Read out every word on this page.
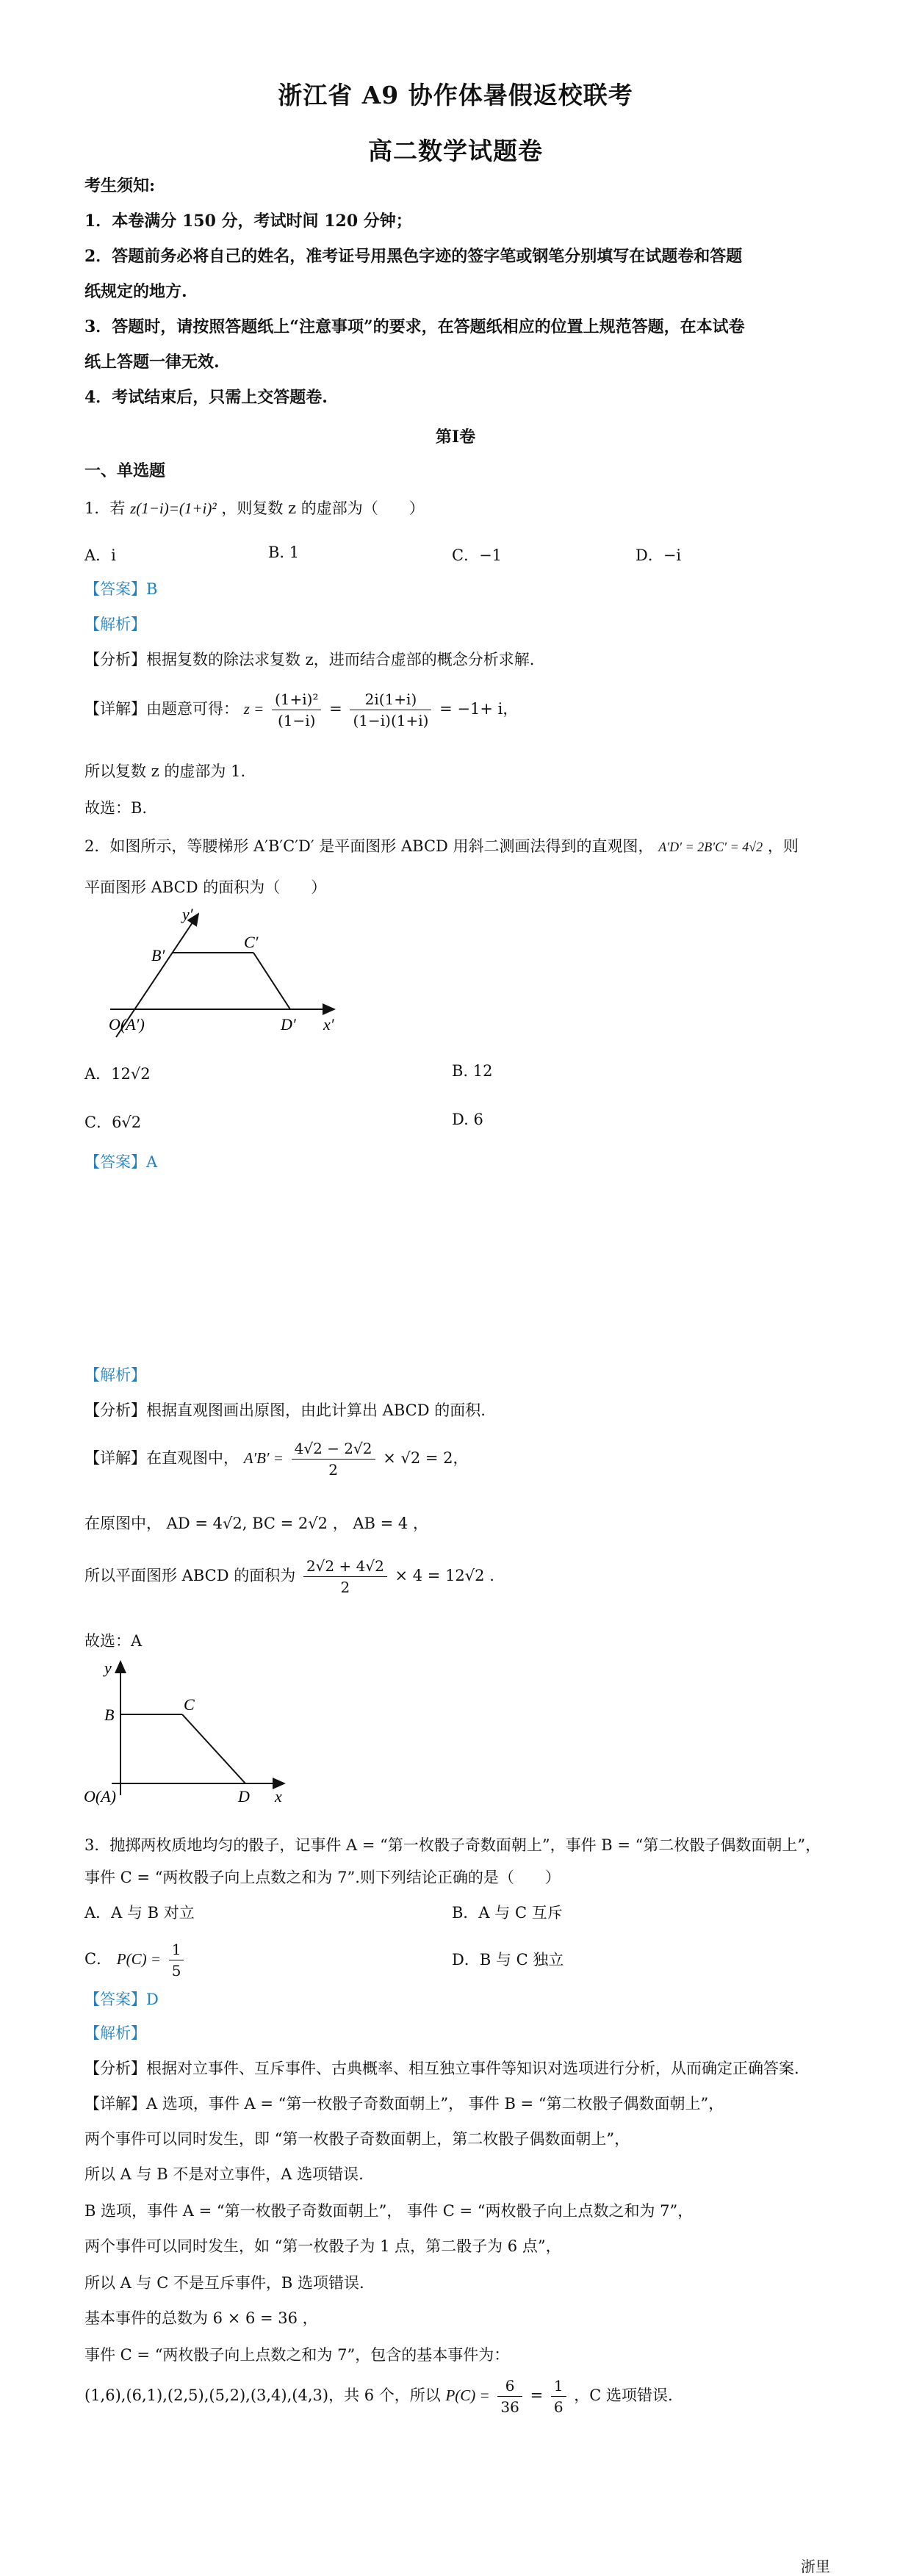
浙江省 A9 协作体暑假返校联考
高二数学试题卷
考生须知:
1．本卷满分 150 分，考试时间 120 分钟；
2．答题前务必将自己的姓名，准考证号用黑色字迹的签字笔或钢笔分别填写在试题卷和答题
纸规定的地方.
3．答题时，请按照答题纸上“注意事项”的要求，在答题纸相应的位置上规范答题，在本试卷
纸上答题一律无效.
4．考试结束后，只需上交答题卷.
第Ⅰ卷
一、单选题
1．若 z(1−i)=(1+i)² ，则复数 z 的虚部为（　　）
A．i	B. 1	C．−1	D．−i
【答案】B
【解析】
【分析】根据复数的除法求复数 z，进而结合虚部的概念分析求解.
【详解】由题意可得： $z = \frac{\text{(1+i)²}}{(1-i)} = \frac{2i(1+i)}{(1-i)(1+i)} = -1+ i$，
所以复数 z 的虚部为 1.
故选：B.
2．如图所示，等腰梯形 A′B′C′D′ 是平面图形 ABCD 用斜二测画法得到的直观图， A′D′ = 2B′C′ = 4√2 ，则
平面图形 ABCD 的面积为（　　）
y′
B′
C′
O(A′)	D′ x′
A．12√2	B. 12
C．6√2	D. 6
【答案】A
【解析】
【分析】根据直观图画出原图，由此计算出 ABCD 的面积.
【详解】在直观图中， $A'B' = \frac{4√2 - 2√2}{2} \times √2 = 2$，
在原图中， AD = 4√2, BC = 2√2 ， AB = 4 ，
所以平面图形 ABCD 的面积为 $\frac{2√2 + 4√2}{2} \times 4 = 12√2$ .
故选：A
y
B
C
O(A)	D x
3．抛掷两枚质地均匀的骰子，记事件 A = “第一枚骰子奇数面朝上”，事件 B = “第二枚骰子偶数面朝上”，
事件 C = “两枚骰子向上点数之和为 7”.则下列结论正确的是（　　）
A．A 与 B 对立	B．A 与 C 互斥
C． $P(C) = \frac{1}{5}$	D．B 与 C 独立
【答案】D
【解析】
【分析】根据对立事件、互斥事件、古典概率、相互独立事件等知识对选项进行分析，从而确定正确答案.
【详解】A 选项，事件 A = “第一枚骰子奇数面朝上”， 事件 B = “第二枚骰子偶数面朝上”，
两个事件可以同时发生，即 “第一枚骰子奇数面朝上，第二枚骰子偶数面朝上”，
所以 A 与 B 不是对立事件，A 选项错误.
B 选项，事件 A = “第一枚骰子奇数面朝上”， 事件 C = “两枚骰子向上点数之和为 7”，
两个事件可以同时发生，如 “第一枚骰子为 1 点，第二骰子为 6 点”，
所以 A 与 C 不是互斥事件，B 选项错误.
基本事件的总数为 6 × 6 = 36 ，
事件 C = “两枚骰子向上点数之和为 7”，包含的基本事件为：
(1,6),(6,1),(2,5),(5,2),(3,4),(4,3)，共 6 个，所以 $P(C) = \frac{6}{36} = \frac{1}{6}$ ，C 选项错误.
浙里
